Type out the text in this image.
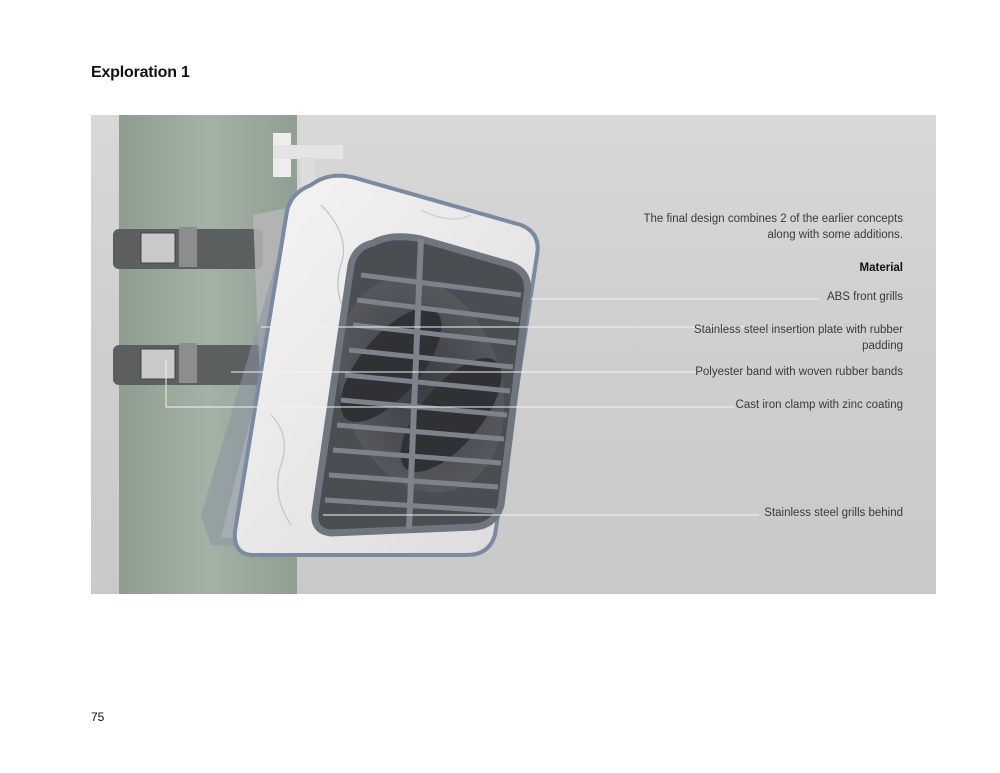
Exploration 1
The final design combines 2 of the earlier concepts along with some additions.
Material
ABS front grills
Stainless steel insertion plate with rubber padding
Polyester band with woven rubber bands
Cast iron clamp with zinc coating
Stainless steel grills behind
75
